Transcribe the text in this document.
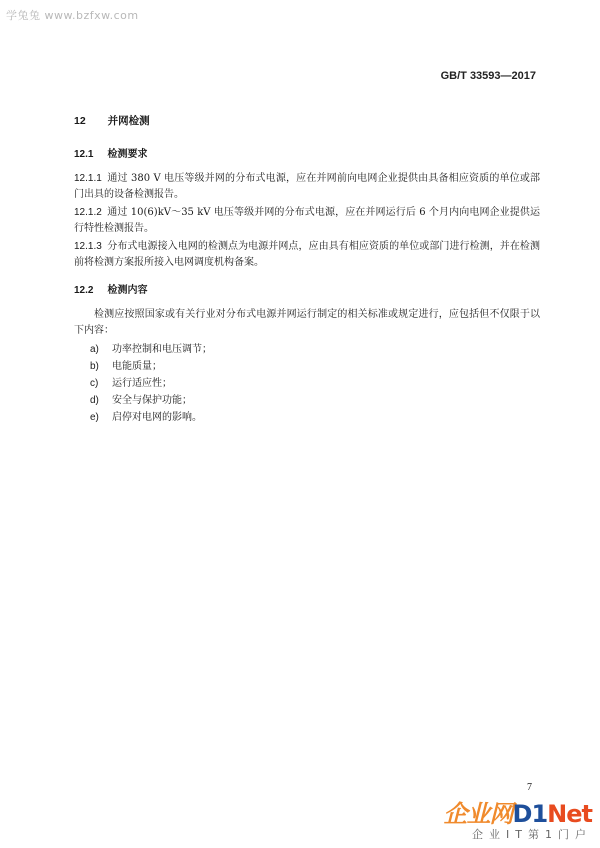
学兔兔 www.bzfxw.com
GB/T 33593—2017
12 并网检测
12.1 检测要求

12.1.1 通过 380 V 电压等级并网的分布式电源，应在并网前向电网企业提供由具备相应资质的单位或部门出具的设备检测报告。

12.1.2 通过 10(6)kV～35 kV 电压等级并网的分布式电源，应在并网运行后 6 个月内向电网企业提供运行特性检测报告。

12.1.3 分布式电源接入电网的检测点为电源并网点，应由具有相应资质的单位或部门进行检测，并在检测前将检测方案报所接入电网调度机构备案。

12.2 检测内容

检测应按照国家或有关行业对分布式电源并网运行制定的相关标准或规定进行，应包括但不仅限于以下内容：

a) 功率控制和电压调节；
b) 电能质量；
c) 运行适应性；
d) 安全与保护功能；
e) 启停对电网的影响。
7
企业网D1Net
企业IT第1门户
